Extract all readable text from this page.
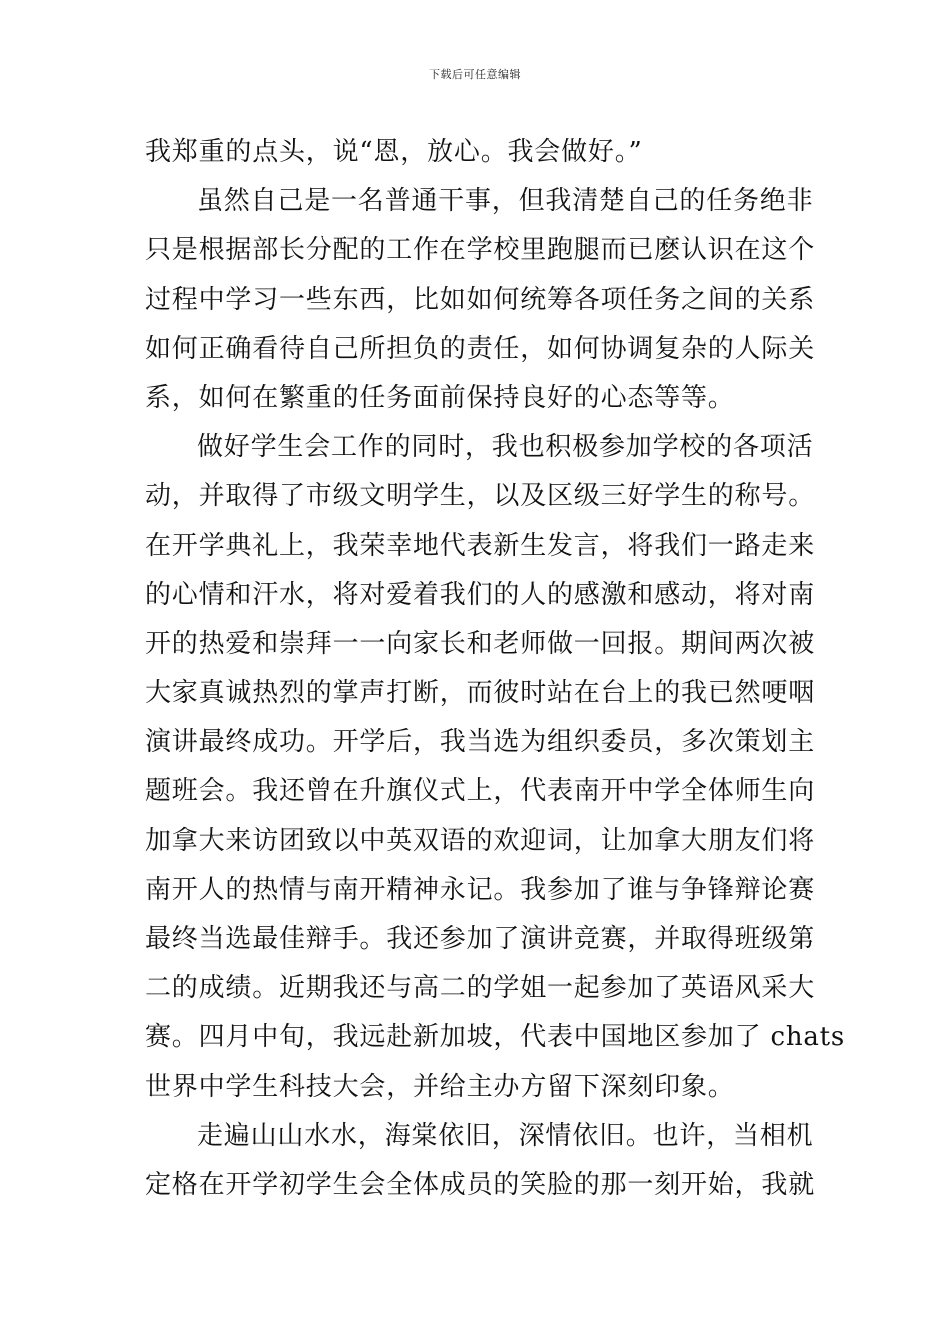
下载后可任意编辑
我郑重的点头，说“恩，放心。我会做好。”
虽然自己是一名普通干事，但我清楚自己的任务绝非
只是根据部长分配的工作在学校里跑腿而已麽认识在这个
过程中学习一些东西，比如如何统筹各项任务之间的关系
如何正确看待自己所担负的责任，如何协调复杂的人际关
系，如何在繁重的任务面前保持良好的心态等等。
做好学生会工作的同时，我也积极参加学校的各项活
动，并取得了市级文明学生，以及区级三好学生的称号。
在开学典礼上，我荣幸地代表新生发言，将我们一路走来
的心情和汗水，将对爱着我们的人的感激和感动，将对南
开的热爱和崇拜一一向家长和老师做一回报。期间两次被
大家真诚热烈的掌声打断，而彼时站在台上的我已然哽咽
演讲最终成功。开学后，我当选为组织委员，多次策划主
题班会。我还曾在升旗仪式上，代表南开中学全体师生向
加拿大来访团致以中英双语的欢迎词，让加拿大朋友们将
南开人的热情与南开精神永记。我参加了谁与争锋辩论赛
最终当选最佳辩手。我还参加了演讲竞赛，并取得班级第
二的成绩。近期我还与高二的学姐一起参加了英语风采大
赛。四月中旬，我远赴新加坡，代表中国地区参加了 chats
世界中学生科技大会，并给主办方留下深刻印象。
走遍山山水水，海棠依旧，深情依旧。也许，当相机
定格在开学初学生会全体成员的笑脸的那一刻开始，我就
